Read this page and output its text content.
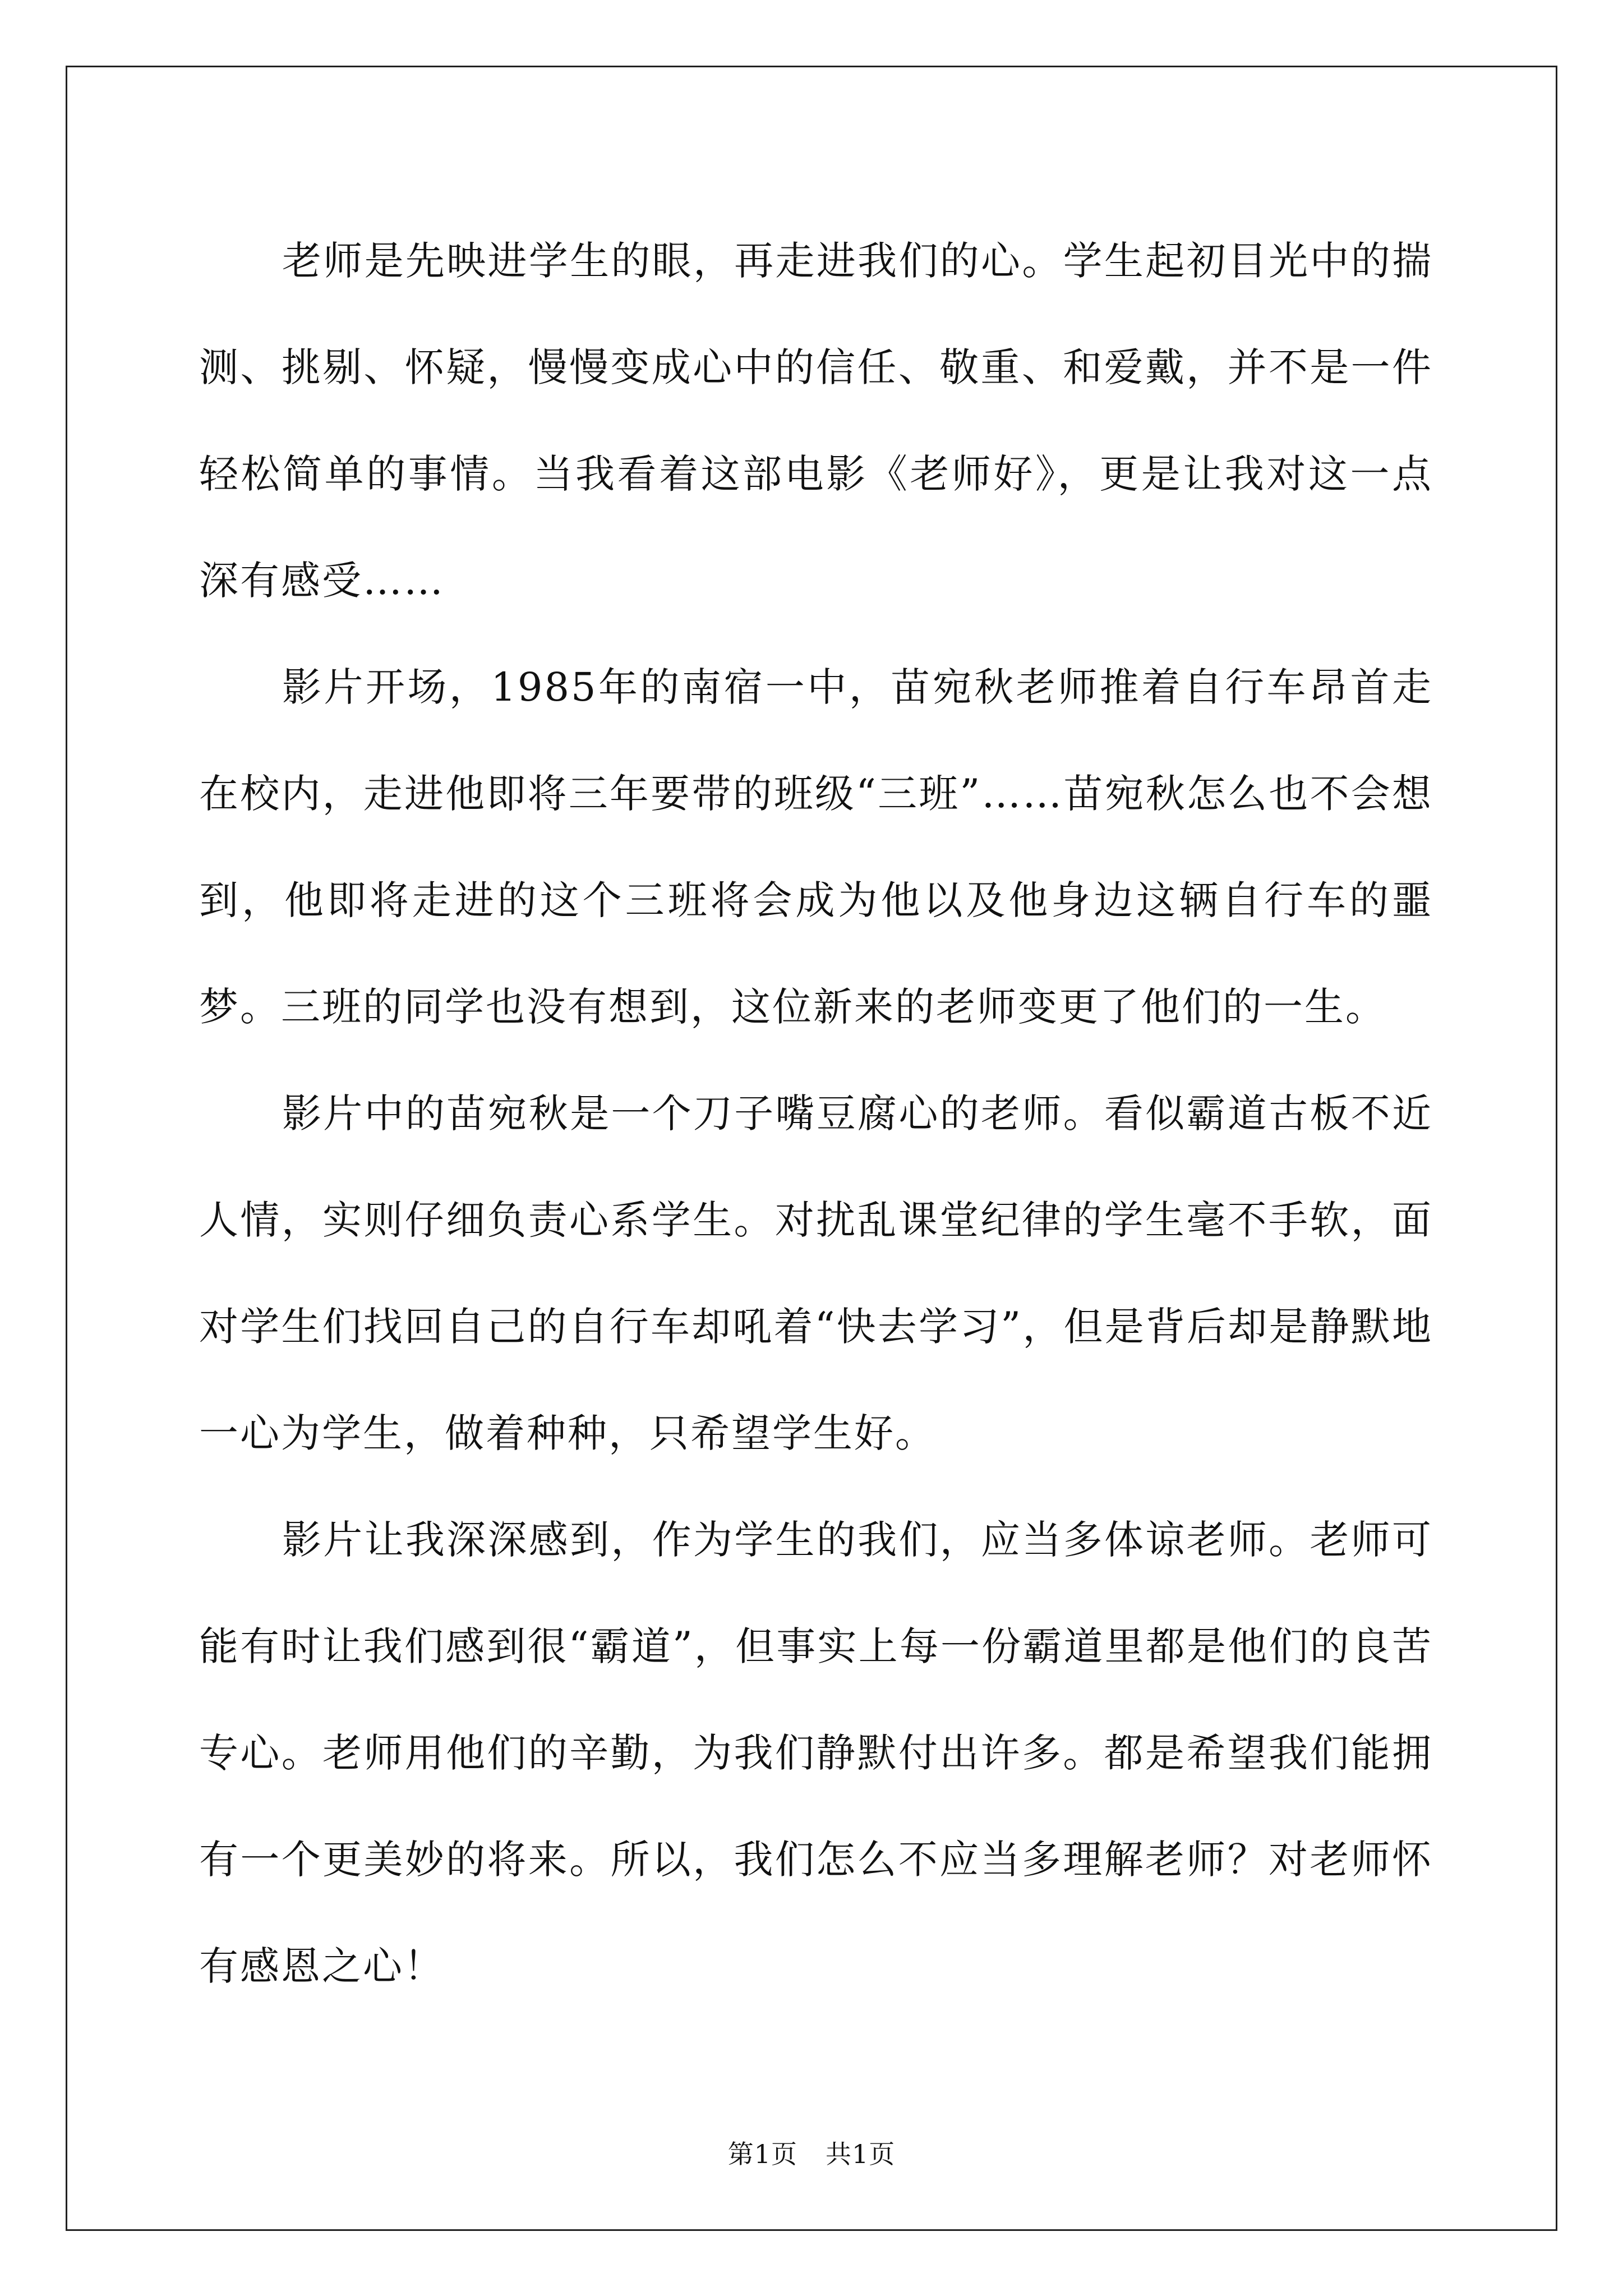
老师是先映进学生的眼，再走进我们的心。学生起初目光中的揣测、挑剔、怀疑，慢慢变成心中的信任、敬重、和爱戴，并不是一件轻松简单的事情。当我看着这部电影《老师好》，更是让我对这一点深有感受……

影片开场，1985年的南宿一中，苗宛秋老师推着自行车昂首走在校内，走进他即将三年要带的班级“三班”……苗宛秋怎么也不会想到，他即将走进的这个三班将会成为他以及他身边这辆自行车的噩梦。三班的同学也没有想到，这位新来的老师变更了他们的一生。

影片中的苗宛秋是一个刀子嘴豆腐心的老师。看似霸道古板不近人情，实则仔细负责心系学生。对扰乱课堂纪律的学生毫不手软，面对学生们找回自己的自行车却吼着“快去学习”，但是背后却是静默地一心为学生，做着种种，只希望学生好。

影片让我深深感到，作为学生的我们，应当多体谅老师。老师可能有时让我们感到很“霸道”，但事实上每一份霸道里都是他们的良苦专心。老师用他们的辛勤，为我们静默付出许多。都是希望我们能拥有一个更美妙的将来。所以，我们怎么不应当多理解老师？对老师怀有感恩之心！

第1页 共1页
